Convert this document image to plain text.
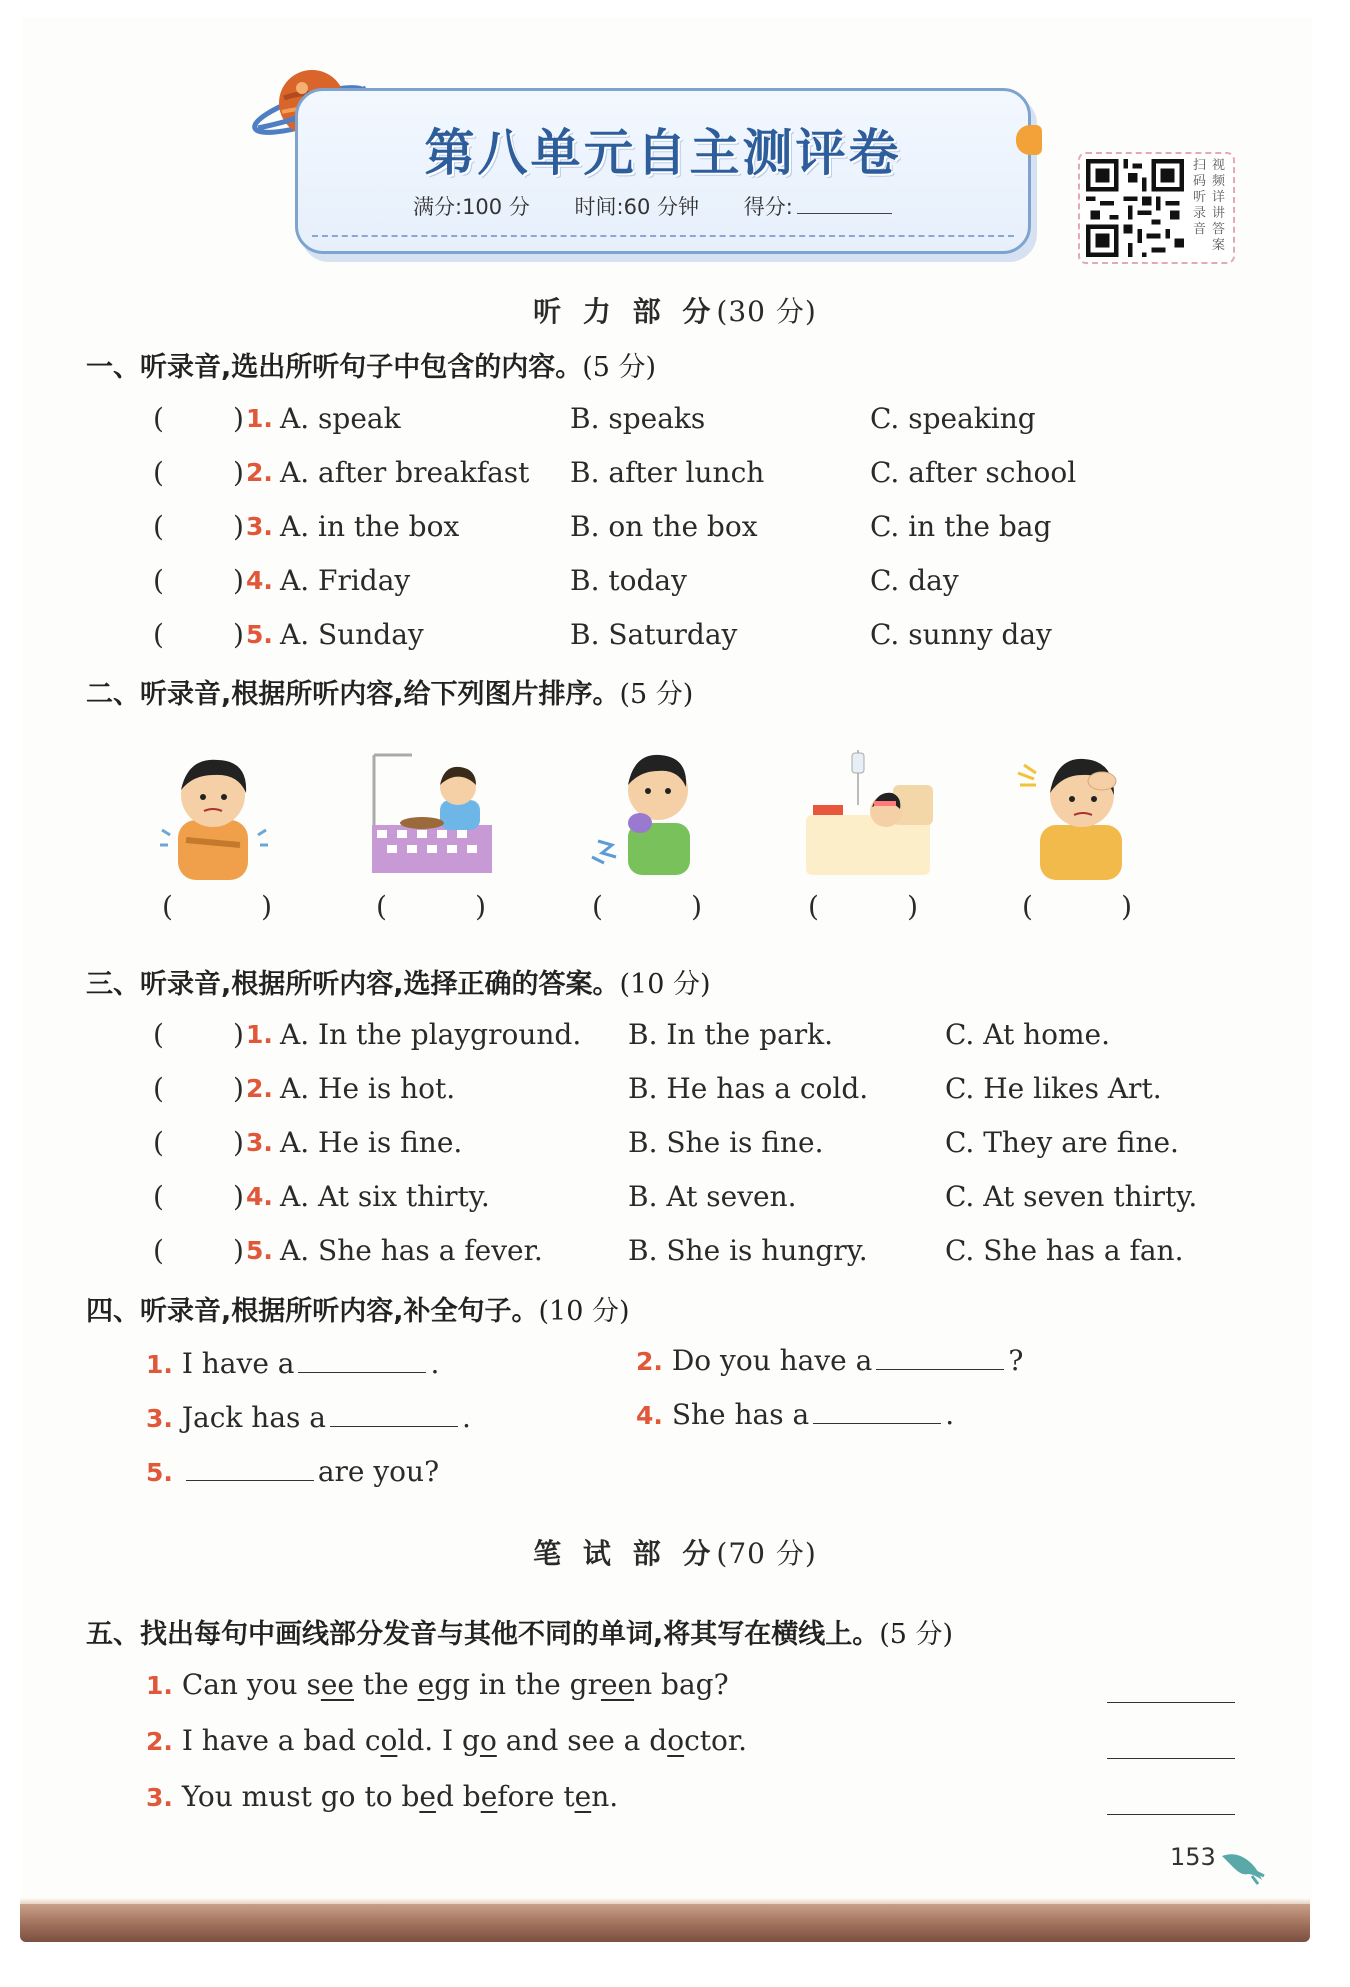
第八单元自主测评卷
满分:100 分 时间:60 分钟 得分:
扫 视
码 频
听 详
录 讲
音 答
案
听 力 部 分(30 分)
一、听录音,选出所听句子中包含的内容。(5 分)
( ) 1. A. speak	B. speaks	C. speaking
( ) 2. A. after breakfast B. after lunch	C. after school
( ) 3. A. in the box	B. on the box	C. in the bag
( ) 4. A. Friday	B. today	C. day
( ) 5. A. Sunday	B. Saturday	C. sunny day
二、听录音,根据所听内容,给下列图片排序。(5 分)
(	)	(	)	(	)	(	)	(	)
三、听录音,根据所听内容,选择正确的答案。(10 分)
( ) 1. A. In the playground. B. In the park.	C. At home.
( ) 2. A. He is hot.	B. He has a cold.	C. He likes Art.
( ) 3. A. He is fine.	B. She is fine.	C. They are fine.
( ) 4. A. At six thirty.	B. At seven.	C. At seven thirty.
( ) 5. A. She has a fever.	B. She is hungry.	C. She has a fan.
四、听录音,根据所听内容,补全句子。(10 分)
1. I have a	.	2. Do you have a	?
3. Jack has a	.	4. She has a	.
5.	are you?
笔 试 部 分(70 分)
五、找出每句中画线部分发音与其他不同的单词,将其写在横线上。(5 分)
1. Can you see the egg in the green bag?
2. I have a bad cold. I go and see a doctor.
3. You must go to bed before ten.
153
